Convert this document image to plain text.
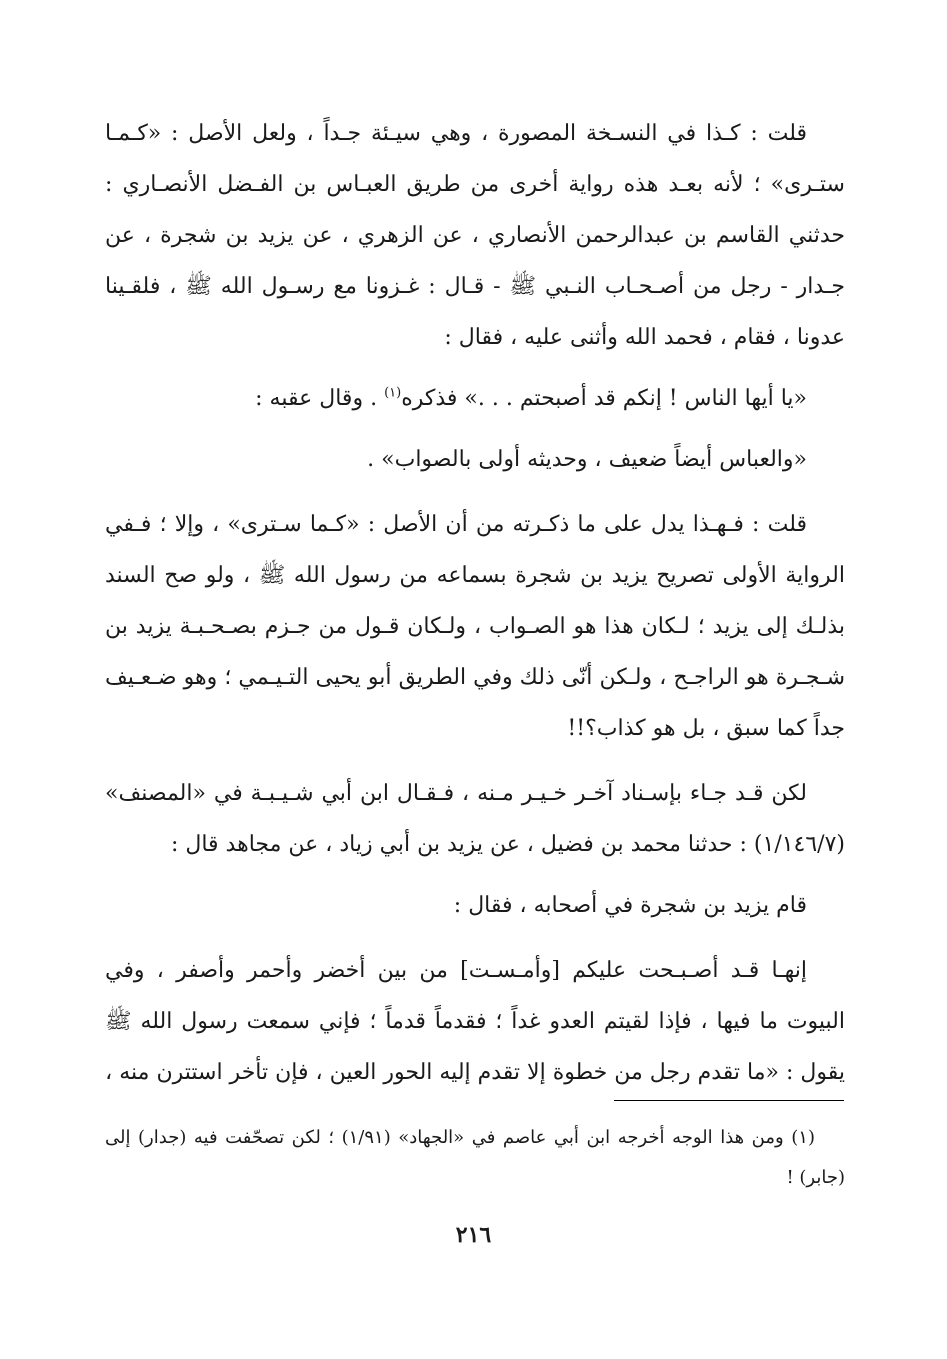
قلت : كـذا في النسـخة المصورة ، وهي سيـئة جـداً ، ولعل الأصل : «كـمـا ستـرى» ؛ لأنه بعـد هذه رواية أخرى من طريق العبـاس بن الفـضل الأنصـاري : حدثني القاسم بن عبدالرحمن الأنصاري ، عن الزهري ، عن يزيد بن شجرة ، عن جـدار - رجل من أصـحـاب النـبي ﷺ - قـال : غـزونا مع رسـول الله ﷺ ، فلقـينا عدونا ، فقام ، فحمد الله وأثنى عليه ، فقال :

«يا أيها الناس ! إنكم قد أصبحتم . . .» فذكره$^{(١)}$ . وقال عقبه :

«والعباس أيضاً ضعيف ، وحديثه أولى بالصواب» .

قلت : فـهـذا يدل على ما ذكـرته من أن الأصل : «كـما سـترى» ، وإلا ؛ فـفي الرواية الأولى تصريح يزيد بن شجرة بسماعه من رسول الله ﷺ ، ولو صح السند بذلـك إلى يزيد ؛ لـكان هذا هو الصـواب ، ولـكان قـول من جـزم بصـحـبـة يزيد بن شـجـرة هو الراجـح ، ولـكن أنّى ذلك وفي الطريق أبو يحيى التـيـمي ؛ وهو ضـعـيف جداً كما سبق ، بل هو كذاب؟!!

لكن قـد جـاء بإسـناد آخـر خـيـر مـنه ، فـقـال ابن أبي شـيـبـة في «المصنف» (١/١٤٦/٧) : حدثنا محمد بن فضيل ، عن يزيد بن أبي زياد ، عن مجاهد قال :

قام يزيد بن شجرة في أصحابه ، فقال :

إنهـا قـد أصـبـحت عليكم [وأمـسـت] من بين أخضر وأحمر وأصفر ، وفي البيوت ما فيها ، فإذا لقيتم العدو غداً ؛ فقدماً قدماً ؛ فإني سمعت رسول الله ﷺ يقول : «ما تقدم رجل من خطوة إلا تقدم إليه الحور العين ، فإن تأخر استترن منه ،

(١) ومن هذا الوجه أخرجه ابن أبي عاصم في «الجهاد» (١/٩١) ؛ لكن تصحّفت فيه (جدار) إلى (جابر) !

٢١٦
